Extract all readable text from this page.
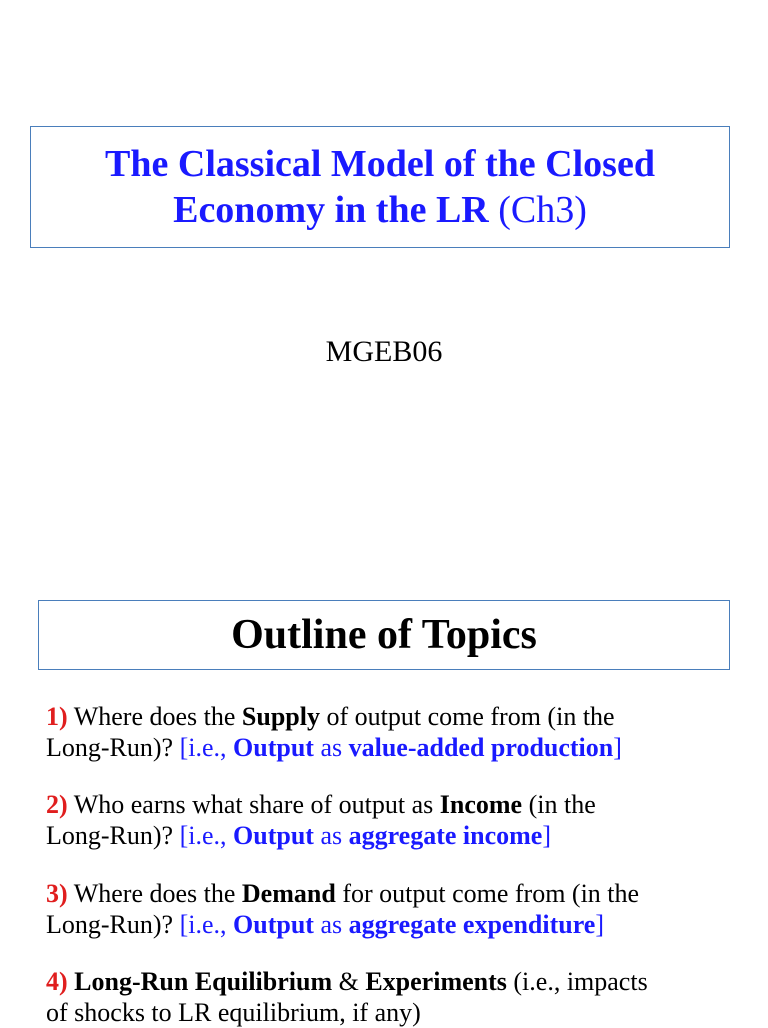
The Classical Model of the Closed
Economy in the LR (Ch3)
MGEB06
Outline of Topics
1) Where does the Supply of output come from (in the
Long-Run)? [i.e., Output as value-added production]
2) Who earns what share of output as Income (in the
Long-Run)? [i.e., Output as aggregate income]
3) Where does the Demand for output come from (in the
Long-Run)? [i.e., Output as aggregate expenditure]
4) Long-Run Equilibrium & Experiments (i.e., impacts
of shocks to LR equilibrium, if any)
